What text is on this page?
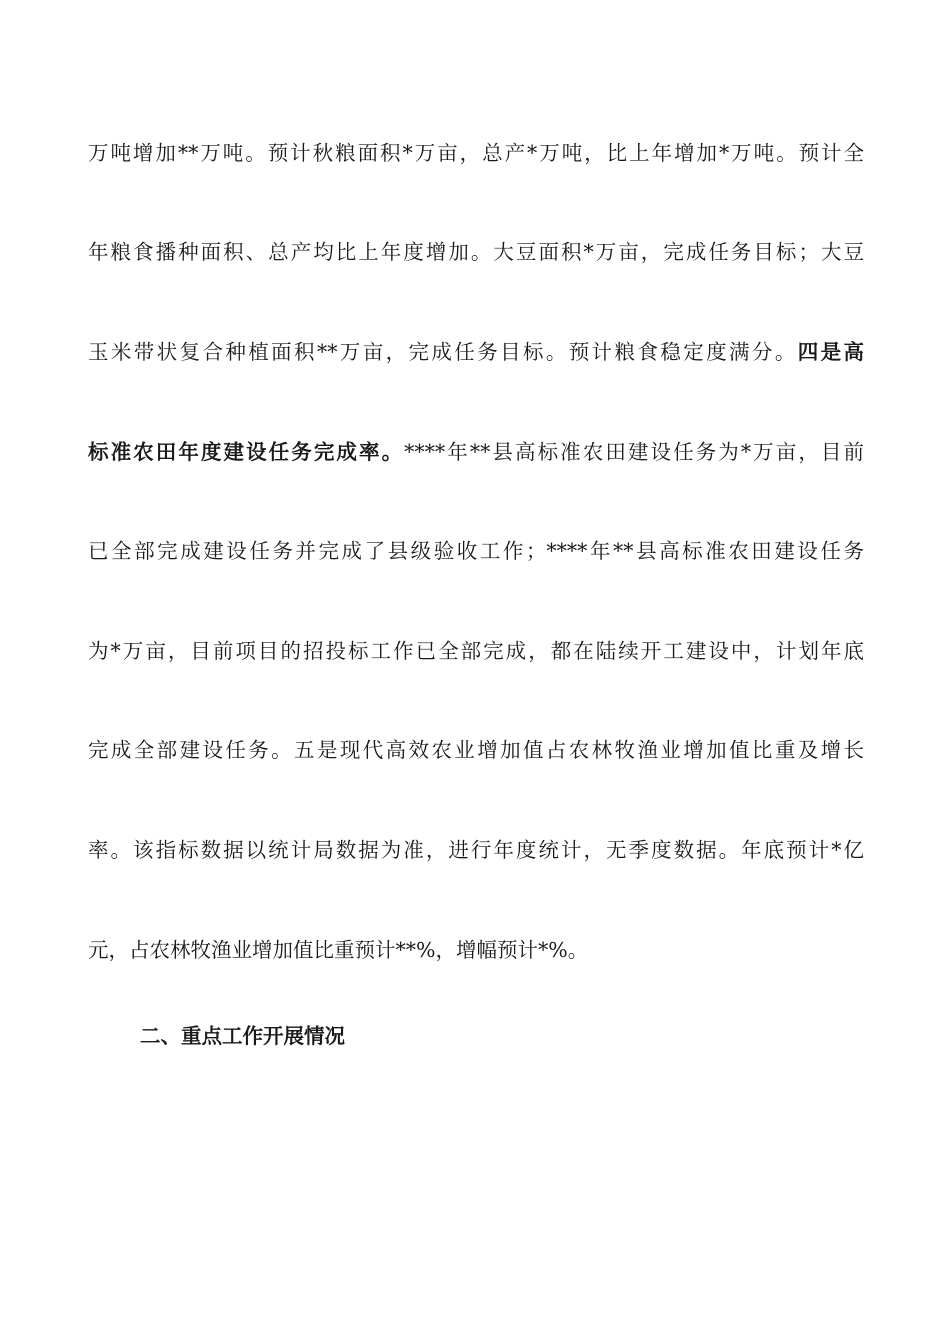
万吨增加**万吨。预计秋粮面积*万亩，总产*万吨，比上年增加*万吨。预计全
年粮食播种面积、总产均比上年度增加。大豆面积*万亩，完成任务目标；大豆
玉米带状复合种植面积**万亩，完成任务目标。预计粮食稳定度满分。四是高
标准农田年度建设任务完成率。****年**县高标准农田建设任务为*万亩，目前
已全部完成建设任务并完成了县级验收工作；****年**县高标准农田建设任务
为*万亩，目前项目的招投标工作已全部完成，都在陆续开工建设中，计划年底
完成全部建设任务。五是现代高效农业增加值占农林牧渔业增加值比重及增长
率。该指标数据以统计局数据为准，进行年度统计，无季度数据。年底预计*亿
元，占农林牧渔业增加值比重预计**%，增幅预计*%。
二、重点工作开展情况
